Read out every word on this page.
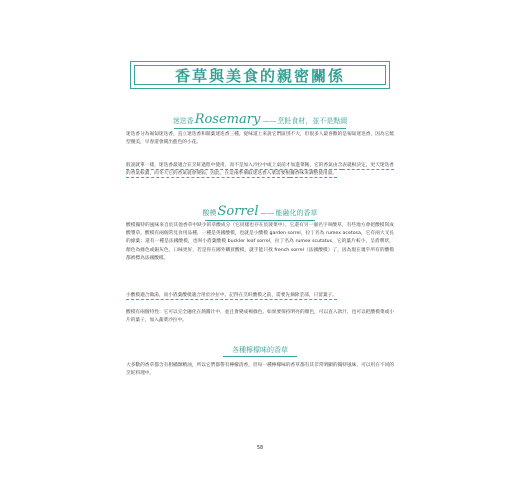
香草與美食的親密關係
迷迭香Rosemary ——烹飪食材，並不是點綴
迷迭香分為匍匐迷迭香，直立迷迭香和開葉迷迭香三種，從味道上來說它們區別不大，但很多人最喜歡的是匍匐迷迭香，因為它燒型優美，早春還會開出藍色的小花。
般說就單一樣，迷迭香最適合在烹飪過程中使用，而不是加入沙拉中或上桌前才加進菜餚，它的香氣由含表就根決定，更天迷迭香的香氣較濃，而冬天它的香氣就會變弱，因此，在這兩季摘取迷迭香入菜需要根據香味來調整使用量。
酸模Sorrel ——能融化的香草
酸模獨特的風味來自於其他香草中缺少的草酸成分（它同樣也存在於菠菜中），它還有另一個名字叫酸草，有些地方會把酸模寫成酸漿草。酸模有兩個常見食用品種，一種是英國酸模，也就是小酸模 garden sorrel，拉丁名為 rumex acetosa，它有兩大叉長的綠葉；還有一種是法國酸模，也叫小盾葉酸模 buckler leaf sorrel，拉丁名為 rumex scutatus，它的葉片較小，呈盾牌狀，顏色為綠色或銀灰色，口味更好，若是你在國外購買酸模，就手能只找 french sorrel（法國酸模）了，因為現在幾乎所有的酸模都被標為法國酸模。
小酸模適合做湯，而小盾葉酸模適合用於沙拉中。記得在烹飪酸模之前，需要先摘除莖部，只留葉子。
酸模有兩個特性：它可以完全融化在熱醬汁中，並且會變成褐綠色。如果要保持明亮的顏色，可以直入款汁，也可以把酸模菜或小片的葉子，加入蔬菜沙拉中。
各種檸檬味的香草
大多數的香草都含有柑橘類精油，所以它們都帶有檸檬清香，但每一種檸檬味的香草都有其非常明顯的獨特風味，可以用在不同的烹飪料理中。
58
